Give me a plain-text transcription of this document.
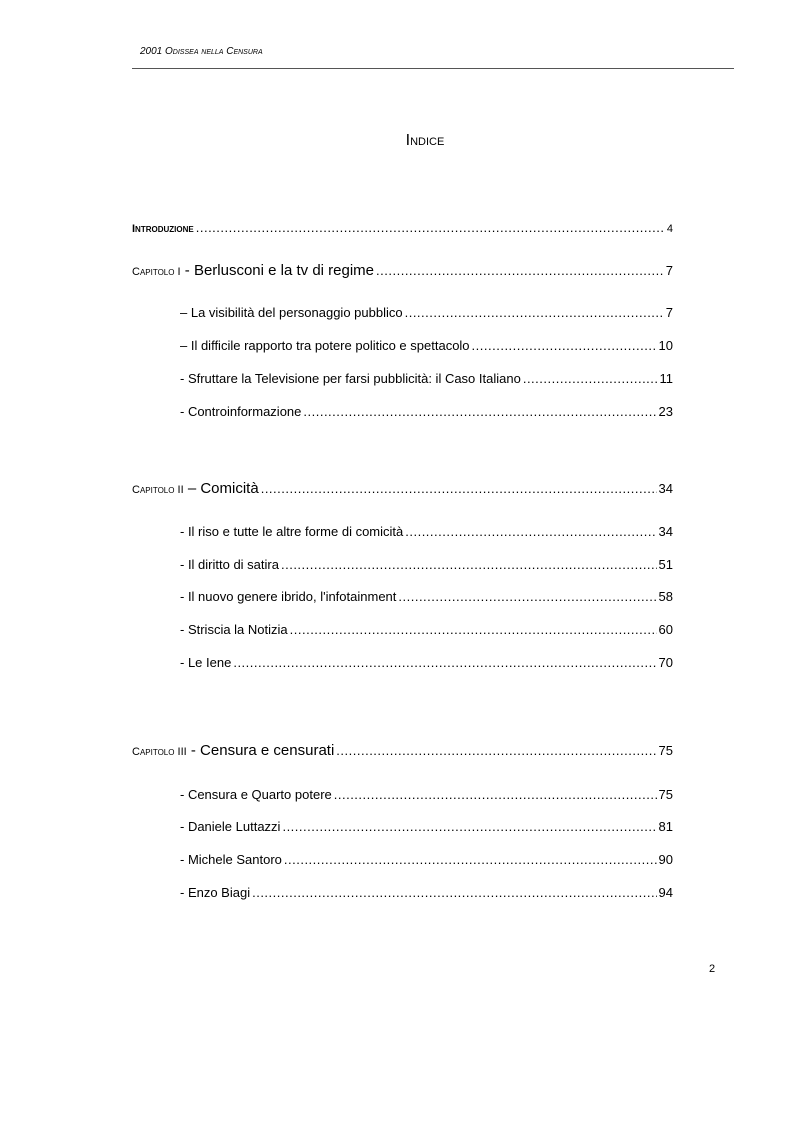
2001 Odissea nella Censura
Indice
Introduzione .....	4
Capitolo I - Berlusconi e la tv di regime .....	7
– La visibilità del personaggio pubblico .....	7
– Il difficile rapporto tra potere politico e spettacolo .....	10
- Sfruttare la Televisione per farsi pubblicità: il Caso Italiano .....	11
- Controinformazione .....	23
Capitolo II – Comicità .....	34
- Il riso e tutte le altre forme di comicità .....	34
- Il diritto di satira .....	51
- Il nuovo genere ibrido, l'infotainment .....	58
- Striscia la Notizia .....	60
- Le Iene .....	70
Capitolo III - Censura e censurati .....	75
- Censura e Quarto potere .....	75
- Daniele Luttazzi .....	81
- Michele Santoro .....	90
- Enzo Biagi .....	94
2
